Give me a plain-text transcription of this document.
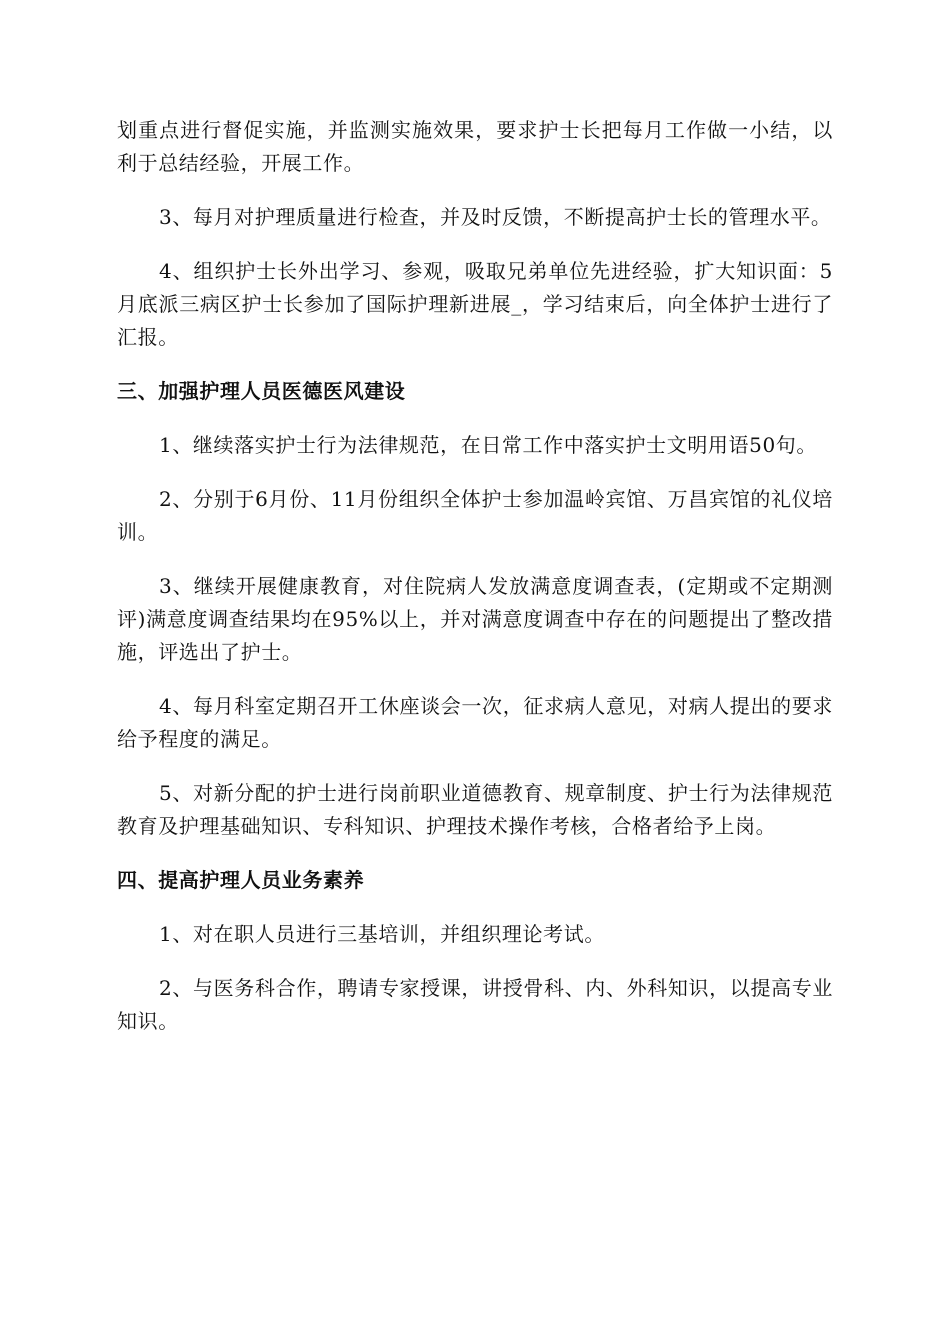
划重点进行督促实施，并监测实施效果，要求护士长把每月工作做一小结，以利于总结经验，开展工作。

3、每月对护理质量进行检查，并及时反馈，不断提高护士长的管理水平。

4、组织护士长外出学习、参观，吸取兄弟单位先进经验，扩大知识面：5月底派三病区护士长参加了国际护理新进展_，学习结束后，向全体护士进行了汇报。

三、加强护理人员医德医风建设

1、继续落实护士行为法律规范，在日常工作中落实护士文明用语50句。

2、分别于6月份、11月份组织全体护士参加温岭宾馆、万昌宾馆的礼仪培训。

3、继续开展健康教育，对住院病人发放满意度调查表，(定期或不定期测评)满意度调查结果均在95%以上，并对满意度调查中存在的问题提出了整改措施，评选出了护士。

4、每月科室定期召开工休座谈会一次，征求病人意见，对病人提出的要求给予程度的满足。

5、对新分配的护士进行岗前职业道德教育、规章制度、护士行为法律规范教育及护理基础知识、专科知识、护理技术操作考核，合格者给予上岗。

四、提高护理人员业务素养

1、对在职人员进行三基培训，并组织理论考试。

2、与医务科合作，聘请专家授课，讲授骨科、内、外科知识，以提高专业知识。
